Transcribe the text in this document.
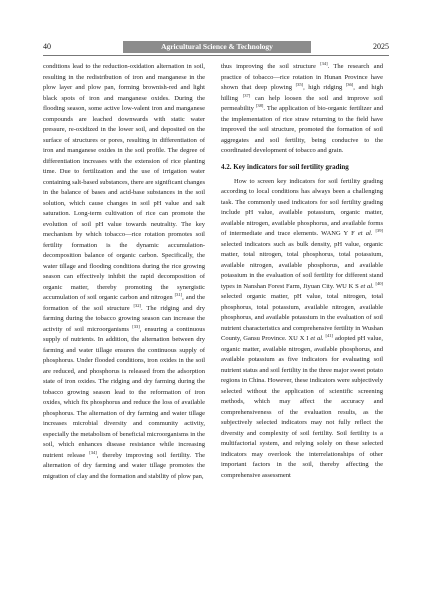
40	Agricultural Science & Technology	2025

conditions lead to the reduction-oxidation alternation in soil, resulting in the redistribution of iron and manganese in the plow layer and plow pan, forming brownish-red and light black spots of iron and manganese oxides. During the flooding season, some active low-valent iron and manganese compounds are leached downwards with static water pressure, re-oxidized in the lower soil, and deposited on the surface of structures or pores, resulting in differentiation of iron and manganese oxides in the soil profile. The degree of differentiation increases with the extension of rice planting time. Due to fertilization and the use of irrigation water containing salt-based substances, there are significant changes in the balance of bases and acid-base substances in the soil solution, which cause changes in soil pH value and salt saturation. Long-term cultivation of rice can promote the evolution of soil pH value towards neutrality. The key mechanism by which tobacco—rice rotation promotes soil fertility formation is the dynamic accumulation-decomposition balance of organic carbon. Specifically, the water tillage and flooding conditions during the rice growing season can effectively inhibit the rapid decomposition of organic matter, thereby promoting the synergistic accumulation of soil organic carbon and nitrogen [31], and the formation of the soil structure [32]. The ridging and dry farming during the tobacco growing season can increase the activity of soil microorganisms [33], ensuring a continuous supply of nutrients. In addition, the alternation between dry farming and water tillage ensures the continuous supply of phosphorus. Under flooded conditions, iron oxides in the soil are reduced, and phosphorus is released from the adsorption state of iron oxides. The ridging and dry farming during the tobacco growing season lead to the reformation of iron oxides, which fix phosphorus and reduce the loss of available phosphorus. The alternation of dry farming and water tillage increases microbial diversity and community activity, especially the metabolism of beneficial microorganisms in the soil, which enhances disease resistance while increasing nutrient release [34], thereby improving soil fertility. The alternation of dry farming and water tillage promotes the migration of clay and the formation and stability of plow pan,

thus improving the soil structure [34]. The research and practice of tobacco—rice rotation in Hunan Province have shown that deep plowing [35], high ridging [36], and high hilling [37] can help loosen the soil and improve soil permeability [38]. The application of bio-organic fertilizer and the implementation of rice straw returning to the field have improved the soil structure, promoted the formation of soil aggregates and soil fertility, being conducive to the coordinated development of tobacco and grain.

4.2. Key indicators for soil fertility grading

How to screen key indicators for soil fertility grading according to local conditions has always been a challenging task. The commonly used indicators for soil fertility grading include pH value, available potassium, organic matter, available nitrogen, available phosphorus, and available forms of intermediate and trace elements. WANG Y F et al. [39] selected indicators such as bulk density, pH value, organic matter, total nitrogen, total phosphorus, total potassium, available nitrogen, available phosphorus, and available potassium in the evaluation of soil fertility for different stand types in Nanshan Forest Farm, Jiyuan City. WU K S et al. [40] selected organic matter, pH value, total nitrogen, total phosphorus, total potassium, available nitrogen, available phosphorus, and available potassium in the evaluation of soil nutrient characteristics and comprehensive fertility in Wushan County, Gansu Province. XU X I et al. [41] adopted pH value, organic matter, available nitrogen, available phosphorus, and available potassium as five indicators for evaluating soil nutrient status and soil fertility in the three major sweet potato regions in China. However, these indicators were subjectively selected without the application of scientific screening methods, which may affect the accuracy and comprehensiveness of the evaluation results, as the subjectively selected indicators may not fully reflect the diversity and complexity of soil fertility. Soil fertility is a multifactorial system, and relying solely on these selected indicators may overlook the interrelationships of other important factors in the soil, thereby affecting the comprehensive assessment
